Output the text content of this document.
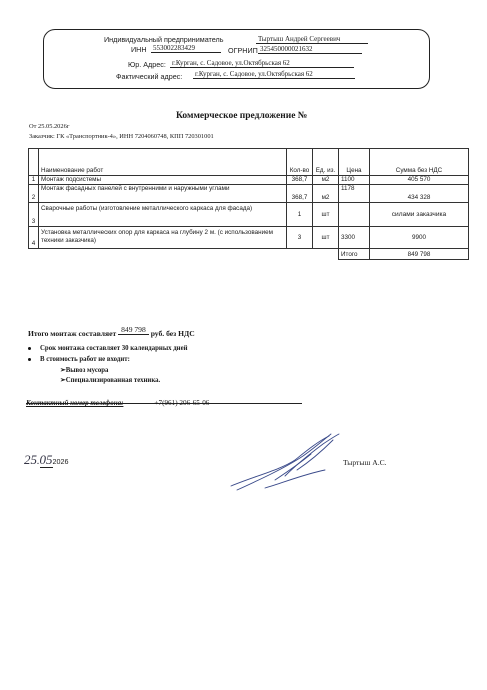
Индивидуальный предприниматель	Тыртыш Андрей Сергеевич
ИНН 553002283429	ОГРНИП 325450000021632
Юр. Адрес: г.Курган, с. Садовое, ул.Октябрьская 62
Фактический адрес: г.Курган, с. Садовое, ул.Октябрьская 62
Коммерческое предложение №
От 25.05.2026г
Заказчик: ГК «Транспортник-4», ИНН 7204060748, КПП 720301001
	Наименование работ	Кол-во	Ед. из.	Цена	Сумма без НДС
1	Монтаж подсистемы	368,7	м2	1100	405 570
2	Монтаж фасадных панелей с внутренними и наружными углами	368,7	м2	1178	434 328
3	Сварочные работы (изготовление металлического каркаса для фасада)	1	шт		силами заказчика
4	Установка металлических опор для каркаса на глубину 2 м. (с использованием техники заказчика)	3	шт	3300	9900
				Итого	849 798
Итого монтаж составляет 849 798 руб. без НДС
Срок монтажа составляет 30 календарных дней
В стоимость работ не входит:
➢Вывоз мусора
➢Специализированная техника.
Контактный номер телефона:	+7(961) 206-65-06
25.052026	Тыртыш А.С.
